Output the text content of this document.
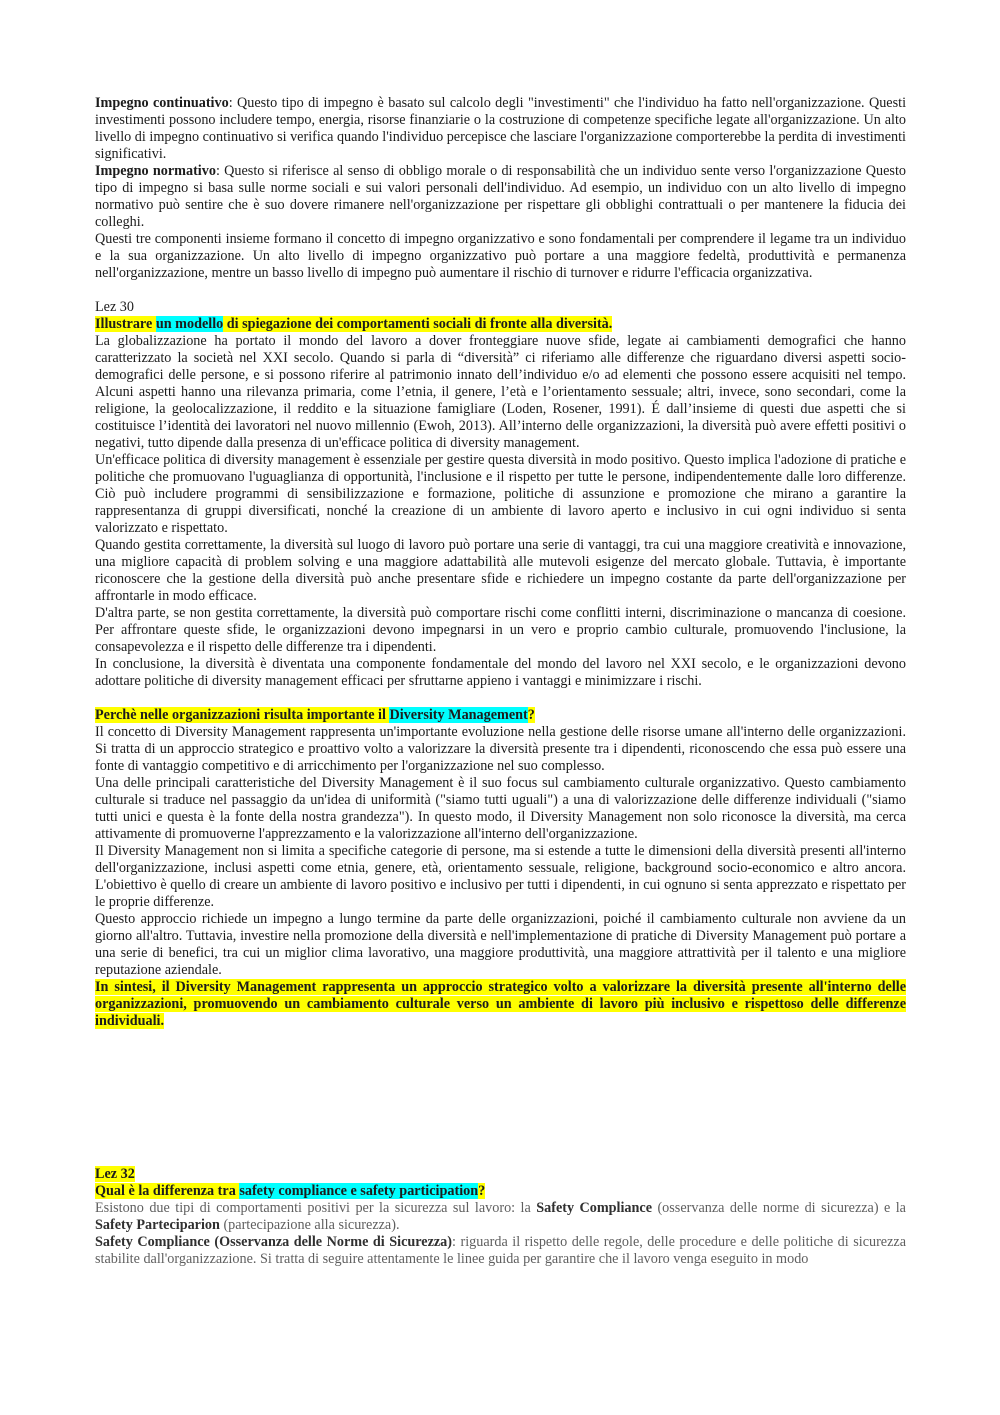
Impegno continuativo: Questo tipo di impegno è basato sul calcolo degli "investimenti" che l'individuo ha fatto nell'organizzazione. Questi investimenti possono includere tempo, energia, risorse finanziarie o la costruzione di competenze specifiche legate all'organizzazione. Un alto livello di impegno continuativo si verifica quando l'individuo percepisce che lasciare l'organizzazione comporterebbe la perdita di investimenti significativi.

Impegno normativo: Questo si riferisce al senso di obbligo morale o di responsabilità che un individuo sente verso l'organizzazione Questo tipo di impegno si basa sulle norme sociali e sui valori personali dell'individuo. Ad esempio, un individuo con un alto livello di impegno normativo può sentire che è suo dovere rimanere nell'organizzazione per rispettare gli obblighi contrattuali o per mantenere la fiducia dei colleghi.

Questi tre componenti insieme formano il concetto di impegno organizzativo e sono fondamentali per comprendere il legame tra un individuo e la sua organizzazione. Un alto livello di impegno organizzativo può portare a una maggiore fedeltà, produttività e permanenza nell'organizzazione, mentre un basso livello di impegno può aumentare il rischio di turnover e ridurre l'efficacia organizzativa.

Lez 30

Illustrare un modello di spiegazione dei comportamenti sociali di fronte alla diversità.

La globalizzazione ha portato il mondo del lavoro a dover fronteggiare nuove sfide, legate ai cambiamenti demografici che hanno caratterizzato la società nel XXI secolo. Quando si parla di “diversità” ci riferiamo alle differenze che riguardano diversi aspetti socio-demografici delle persone, e si possono riferire al patrimonio innato dell’individuo e/o ad elementi che possono essere acquisiti nel tempo. Alcuni aspetti hanno una rilevanza primaria, come l’etnia, il genere, l’età e l’orientamento sessuale; altri, invece, sono secondari, come la religione, la geolocalizzazione, il reddito e la situazione famigliare (Loden, Rosener, 1991). É dall’insieme di questi due aspetti che si costituisce l’identità dei lavoratori nel nuovo millennio (Ewoh, 2013). All’interno delle organizzazioni, la diversità può avere effetti positivi o negativi, tutto dipende dalla presenza di un'efficace politica di diversity management.

Un'efficace politica di diversity management è essenziale per gestire questa diversità in modo positivo. Questo implica l'adozione di pratiche e politiche che promuovano l'uguaglianza di opportunità, l'inclusione e il rispetto per tutte le persone, indipendentemente dalle loro differenze. Ciò può includere programmi di sensibilizzazione e formazione, politiche di assunzione e promozione che mirano a garantire la rappresentanza di gruppi diversificati, nonché la creazione di un ambiente di lavoro aperto e inclusivo in cui ogni individuo si senta valorizzato e rispettato.

Quando gestita correttamente, la diversità sul luogo di lavoro può portare una serie di vantaggi, tra cui una maggiore creatività e innovazione, una migliore capacità di problem solving e una maggiore adattabilità alle mutevoli esigenze del mercato globale. Tuttavia, è importante riconoscere che la gestione della diversità può anche presentare sfide e richiedere un impegno costante da parte dell'organizzazione per affrontarle in modo efficace.

D'altra parte, se non gestita correttamente, la diversità può comportare rischi come conflitti interni, discriminazione o mancanza di coesione. Per affrontare queste sfide, le organizzazioni devono impegnarsi in un vero e proprio cambio culturale, promuovendo l'inclusione, la consapevolezza e il rispetto delle differenze tra i dipendenti.

In conclusione, la diversità è diventata una componente fondamentale del mondo del lavoro nel XXI secolo, e le organizzazioni devono adottare politiche di diversity management efficaci per sfruttarne appieno i vantaggi e minimizzare i rischi.

Perchè nelle organizzazioni risulta importante il Diversity Management?

Il concetto di Diversity Management rappresenta un'importante evoluzione nella gestione delle risorse umane all'interno delle organizzazioni. Si tratta di un approccio strategico e proattivo volto a valorizzare la diversità presente tra i dipendenti, riconoscendo che essa può essere una fonte di vantaggio competitivo e di arricchimento per l'organizzazione nel suo complesso.

Una delle principali caratteristiche del Diversity Management è il suo focus sul cambiamento culturale organizzativo. Questo cambiamento culturale si traduce nel passaggio da un'idea di uniformità ("siamo tutti uguali") a una di valorizzazione delle differenze individuali ("siamo tutti unici e questa è la fonte della nostra grandezza"). In questo modo, il Diversity Management non solo riconosce la diversità, ma cerca attivamente di promuoverne l'apprezzamento e la valorizzazione all'interno dell'organizzazione.

Il Diversity Management non si limita a specifiche categorie di persone, ma si estende a tutte le dimensioni della diversità presenti all'interno dell'organizzazione, inclusi aspetti come etnia, genere, età, orientamento sessuale, religione, background socio-economico e altro ancora. L'obiettivo è quello di creare un ambiente di lavoro positivo e inclusivo per tutti i dipendenti, in cui ognuno si senta apprezzato e rispettato per le proprie differenze.

Questo approccio richiede un impegno a lungo termine da parte delle organizzazioni, poiché il cambiamento culturale non avviene da un giorno all'altro. Tuttavia, investire nella promozione della diversità e nell'implementazione di pratiche di Diversity Management può portare a una serie di benefici, tra cui un miglior clima lavorativo, una maggiore produttività, una maggiore attrattività per il talento e una migliore reputazione aziendale.

In sintesi, il Diversity Management rappresenta un approccio strategico volto a valorizzare la diversità presente all'interno delle organizzazioni, promuovendo un cambiamento culturale verso un ambiente di lavoro più inclusivo e rispettoso delle differenze individuali.

Lez 32

Qual è la differenza tra safety compliance e safety participation?

Esistono due tipi di comportamenti positivi per la sicurezza sul lavoro: la Safety Compliance (osservanza delle norme di sicurezza) e la Safety Parteciparion (partecipazione alla sicurezza).

Safety Compliance (Osservanza delle Norme di Sicurezza): riguarda il rispetto delle regole, delle procedure e delle politiche di sicurezza stabilite dall'organizzazione. Si tratta di seguire attentamente le linee guida per garantire che il lavoro venga eseguito in modo
